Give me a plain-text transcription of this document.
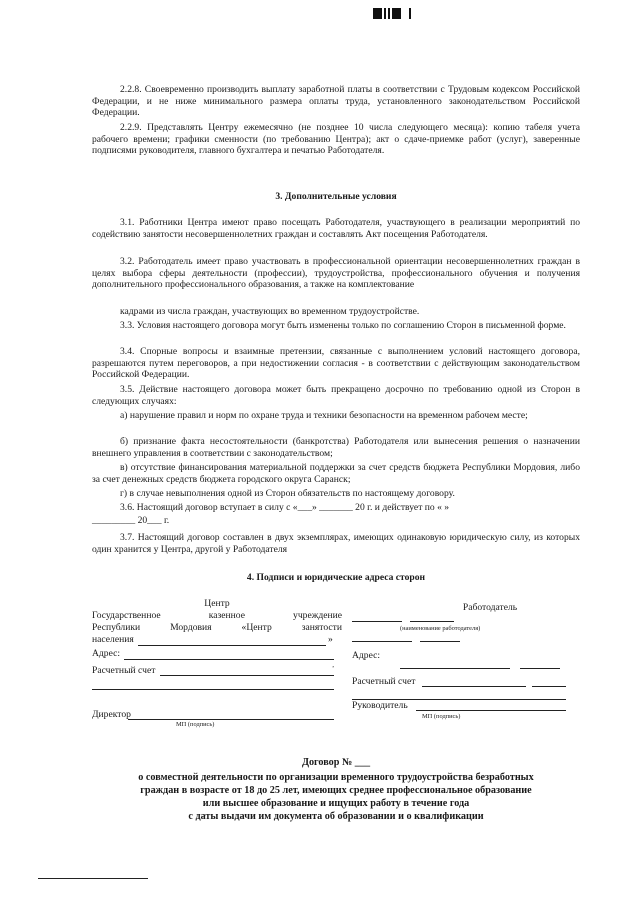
2.2.8. Своевременно производить выплату заработной платы в соответствии с Трудовым кодексом Российской Федерации, и не ниже минимального размера оплаты труда, установленного законодательством Российской Федерации.
2.2.9. Представлять Центру ежемесячно (не позднее 10 числа следующего месяца): копию табеля учета рабочего времени; графики сменности (по требованию Центра); акт о сдаче-приемке работ (услуг), заверенные подписями руководителя, главного бухгалтера и печатью Работодателя.
3. Дополнительные условия
3.1. Работники Центра имеют право посещать Работодателя, участвующего в реализации мероприятий по содействию занятости несовершеннолетних граждан и составлять Акт посещения Работодателя.
3.2. Работодатель имеет право участвовать в профессиональной ориентации несовершеннолетних граждан в целях выбора сферы деятельности (профессии), трудоустройства, профессионального обучения и получения дополнительного профессионального образования, а также на комплектование
кадрами из числа граждан, участвующих во временном трудоустройстве.
3.3. Условия настоящего договора могут быть изменены только по соглашению Сторон в письменной форме.
3.4. Спорные вопросы и взаимные претензии, связанные с выполнением условий настоящего договора, разрешаются путем переговоров, а при недостижении согласия - в соответствии с действующим законодательством Российской Федерации.
3.5. Действие настоящего договора может быть прекращено досрочно по требованию одной из Сторон в следующих случаях:
а) нарушение правил и норм по охране труда и техники безопасности на временном рабочем месте;
б) признание факта несостоятельности (банкротства) Работодателя или вынесения решения о назначении внешнего управления в соответствии с законодательством;
в) отсутствие финансирования материальной поддержки за счет средств бюджета Республики Мордовия, либо за счет денежных средств бюджета городского округа Саранск;
г) в случае невыполнения одной из Сторон обязательств по настоящему договору.
3.6. Настоящий договор вступает в силу с «___» _______ 20 г. и действует по « »
_________ 20___ г.
3.7. Настоящий договор составлен в двух экземплярах, имеющих одинаковую юридическую силу, из которых один хранится у Центра, другой у Работодателя
4. Подписи и юридические адреса сторон
Центр
Государственное казенное учреждение
Республики Мордовия «Центр занятости
населения	»
Адрес:
,
Расчетный счет
Директор
МП (подпись)
Работодатель
(наименование работодателя)
Адрес:
Расчетный счет
Руководитель
МП (подпись)
Договор № ___
о совместной деятельности по организации временного трудоустройства безработных
граждан в возрасте от 18 до 25 лет, имеющих среднее профессиональное образование
или высшее образование и ищущих работу в течение года
с даты выдачи им документа об образовании и о квалификации
